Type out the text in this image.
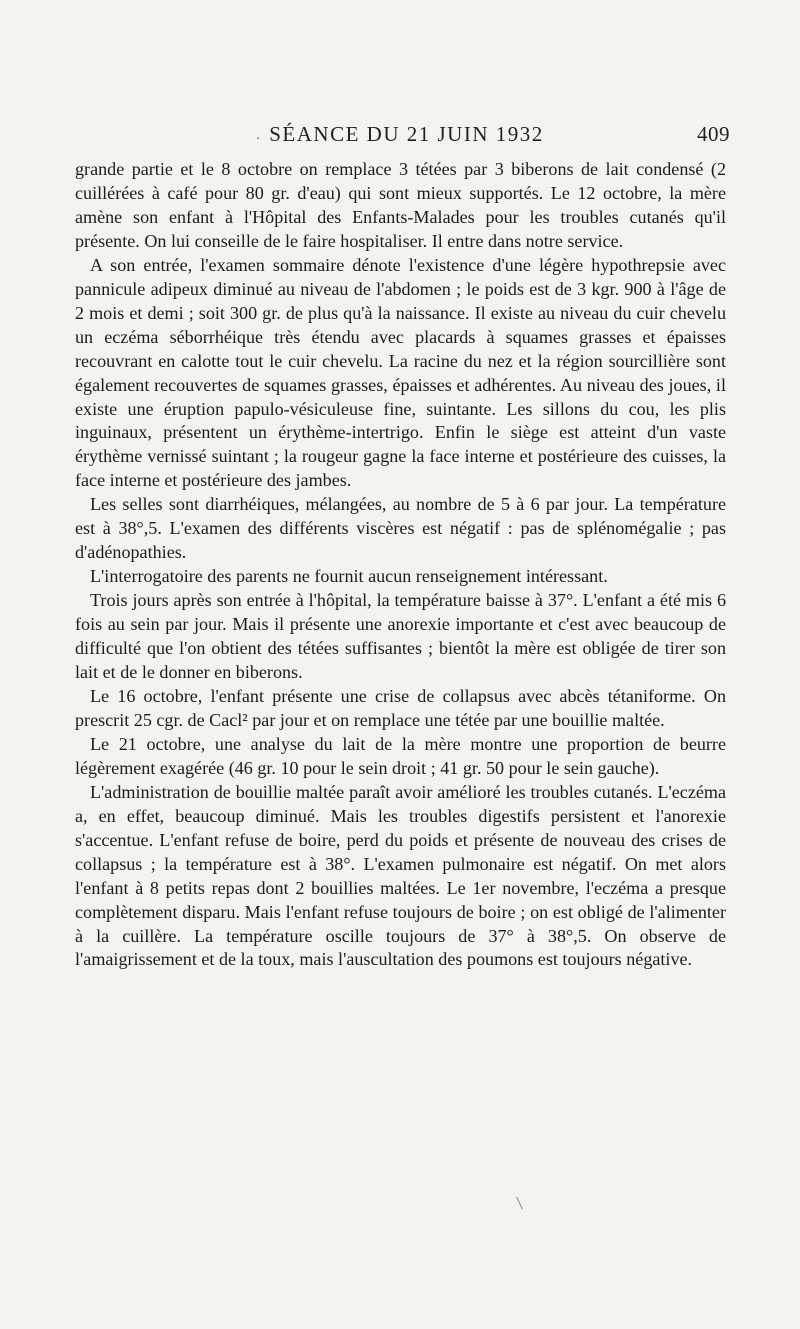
. SÉANCE DU 21 JUIN 1932	409

grande partie et le 8 octobre on remplace 3 tétées par 3 biberons de lait condensé (2 cuillérées à café pour 80 gr. d'eau) qui sont mieux supportés. Le 12 octobre, la mère amène son enfant à l'Hôpital des Enfants-Malades pour les troubles cutanés qu'il présente. On lui conseille de le faire hospitaliser. Il entre dans notre service.

A son entrée, l'examen sommaire dénote l'existence d'une légère hypothrepsie avec pannicule adipeux diminué au niveau de l'abdomen ; le poids est de 3 kgr. 900 à l'âge de 2 mois et demi ; soit 300 gr. de plus qu'à la naissance. Il existe au niveau du cuir chevelu un eczéma séborrhéique très étendu avec placards à squames grasses et épaisses recouvrant en calotte tout le cuir chevelu. La racine du nez et la région sourcillière sont également recouvertes de squames grasses, épaisses et adhérentes. Au niveau des joues, il existe une éruption papulo-vésiculeuse fine, suintante. Les sillons du cou, les plis inguinaux, présentent un érythème-intertrigo. Enfin le siège est atteint d'un vaste érythème vernissé suintant ; la rougeur gagne la face interne et postérieure des cuisses, la face interne et postérieure des jambes.

Les selles sont diarrhéiques, mélangées, au nombre de 5 à 6 par jour. La température est à 38°,5. L'examen des différents viscères est négatif : pas de splénomégalie ; pas d'adénopathies.

L'interrogatoire des parents ne fournit aucun renseignement intéressant.

Trois jours après son entrée à l'hôpital, la température baisse à 37°. L'enfant a été mis 6 fois au sein par jour. Mais il présente une anorexie importante et c'est avec beaucoup de difficulté que l'on obtient des tétées suffisantes ; bientôt la mère est obligée de tirer son lait et de le donner en biberons.

Le 16 octobre, l'enfant présente une crise de collapsus avec abcès tétaniforme. On prescrit 25 cgr. de Cacl² par jour et on remplace une tétée par une bouillie maltée.

Le 21 octobre, une analyse du lait de la mère montre une proportion de beurre légèrement exagérée (46 gr. 10 pour le sein droit ; 41 gr. 50 pour le sein gauche).

L'administration de bouillie maltée paraît avoir amélioré les troubles cutanés. L'eczéma a, en effet, beaucoup diminué. Mais les troubles digestifs persistent et l'anorexie s'accentue. L'enfant refuse de boire, perd du poids et présente de nouveau des crises de collapsus ; la température est à 38°. L'examen pulmonaire est négatif. On met alors l'enfant à 8 petits repas dont 2 bouillies maltées. Le 1er novembre, l'eczéma a presque complètement disparu. Mais l'enfant refuse toujours de boire ; on est obligé de l'alimenter à la cuillère. La température oscille toujours de 37° à 38°,5. On observe de l'amaigrissement et de la toux, mais l'auscultation des poumons est toujours négative.
